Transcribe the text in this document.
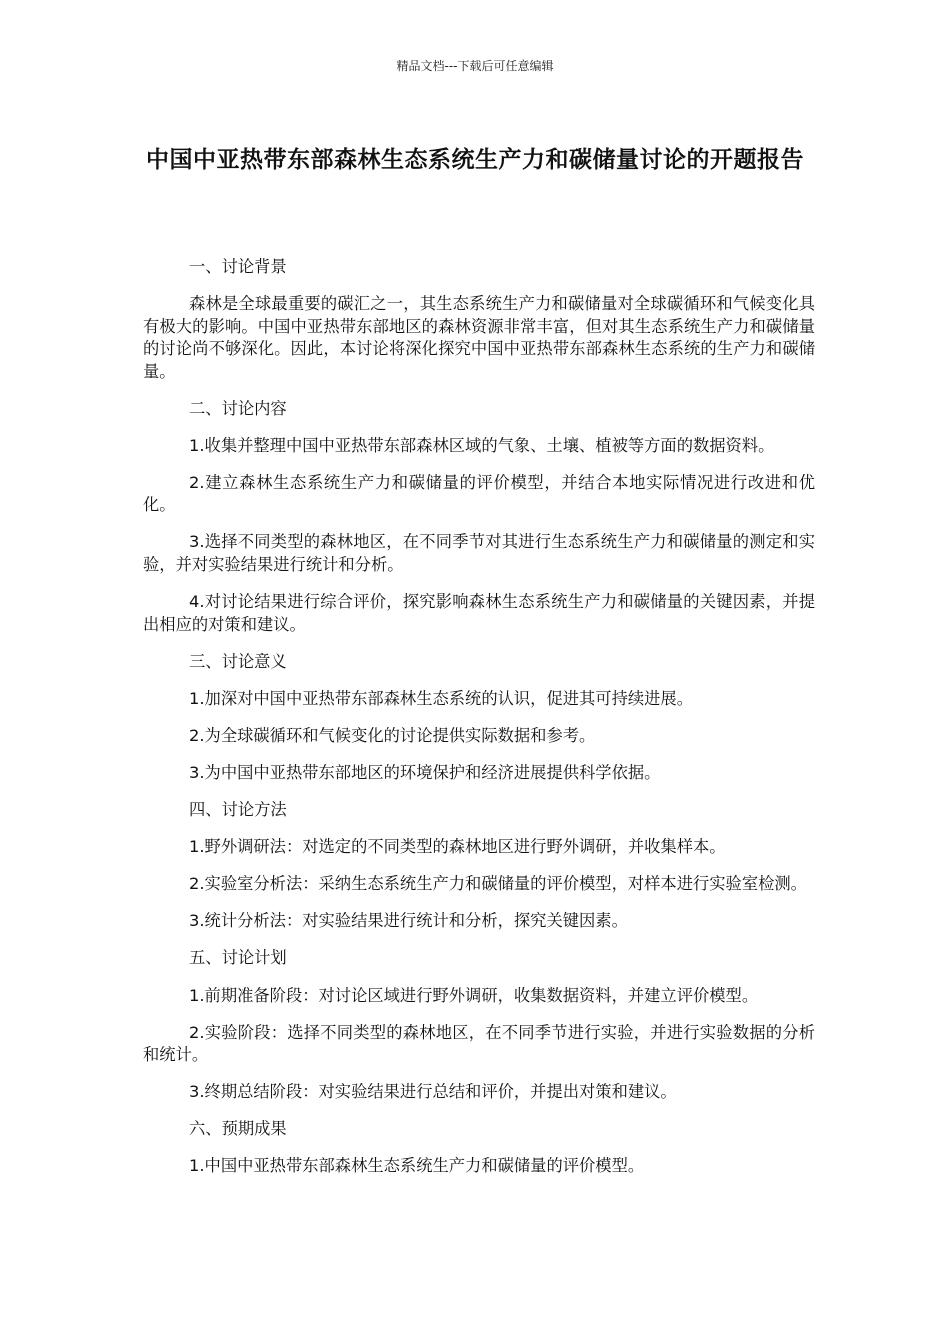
精品文档---下载后可任意编辑
中国中亚热带东部森林生态系统生产力和碳储量讨论的开题报告

一、讨论背景

森林是全球最重要的碳汇之一，其生态系统生产力和碳储量对全球碳循环和气候变化具有极大的影响。中国中亚热带东部地区的森林资源非常丰富，但对其生态系统生产力和碳储量的讨论尚不够深化。因此，本讨论将深化探究中国中亚热带东部森林生态系统的生产力和碳储量。

二、讨论内容

1.收集并整理中国中亚热带东部森林区域的气象、土壤、植被等方面的数据资料。

2.建立森林生态系统生产力和碳储量的评价模型，并结合本地实际情况进行改进和优化。

3.选择不同类型的森林地区，在不同季节对其进行生态系统生产力和碳储量的测定和实验，并对实验结果进行统计和分析。

4.对讨论结果进行综合评价，探究影响森林生态系统生产力和碳储量的关键因素，并提出相应的对策和建议。

三、讨论意义

1.加深对中国中亚热带东部森林生态系统的认识，促进其可持续进展。

2.为全球碳循环和气候变化的讨论提供实际数据和参考。

3.为中国中亚热带东部地区的环境保护和经济进展提供科学依据。

四、讨论方法

1.野外调研法：对选定的不同类型的森林地区进行野外调研，并收集样本。

2.实验室分析法：采纳生态系统生产力和碳储量的评价模型，对样本进行实验室检测。

3.统计分析法：对实验结果进行统计和分析，探究关键因素。

五、讨论计划

1.前期准备阶段：对讨论区域进行野外调研，收集数据资料，并建立评价模型。

2.实验阶段：选择不同类型的森林地区，在不同季节进行实验，并进行实验数据的分析和统计。

3.终期总结阶段：对实验结果进行总结和评价，并提出对策和建议。

六、预期成果

1.中国中亚热带东部森林生态系统生产力和碳储量的评价模型。
